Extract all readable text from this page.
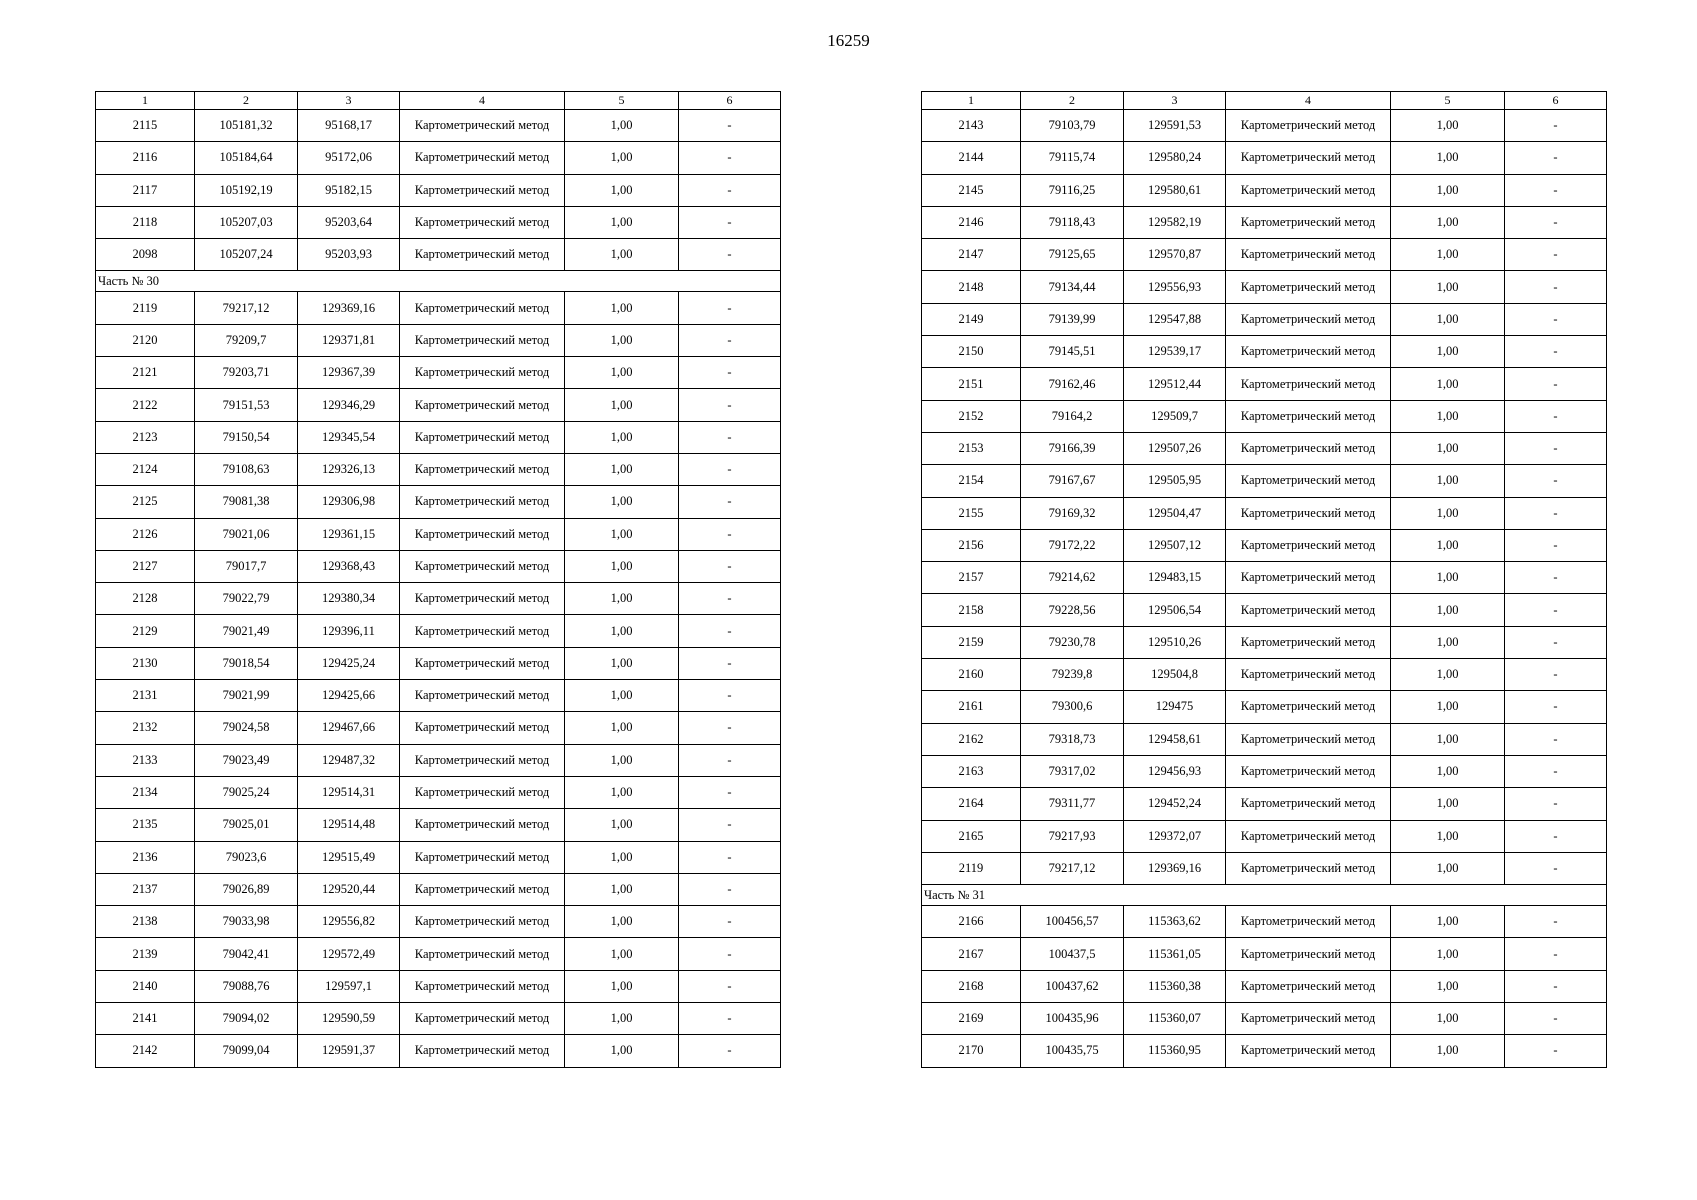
16259
1	2	3	4	5	6
2115	105181,32	95168,17	Картометрический метод	1,00	-
2116	105184,64	95172,06	Картометрический метод	1,00	-
2117	105192,19	95182,15	Картометрический метод	1,00	-
2118	105207,03	95203,64	Картометрический метод	1,00	-
2098	105207,24	95203,93	Картометрический метод	1,00	-
Часть № 30					
2119	79217,12	129369,16	Картометрический метод	1,00	-
2120	79209,7	129371,81	Картометрический метод	1,00	-
2121	79203,71	129367,39	Картометрический метод	1,00	-
2122	79151,53	129346,29	Картометрический метод	1,00	-
2123	79150,54	129345,54	Картометрический метод	1,00	-
2124	79108,63	129326,13	Картометрический метод	1,00	-
2125	79081,38	129306,98	Картометрический метод	1,00	-
2126	79021,06	129361,15	Картометрический метод	1,00	-
2127	79017,7	129368,43	Картометрический метод	1,00	-
2128	79022,79	129380,34	Картометрический метод	1,00	-
2129	79021,49	129396,11	Картометрический метод	1,00	-
2130	79018,54	129425,24	Картометрический метод	1,00	-
2131	79021,99	129425,66	Картометрический метод	1,00	-
2132	79024,58	129467,66	Картометрический метод	1,00	-
2133	79023,49	129487,32	Картометрический метод	1,00	-
2134	79025,24	129514,31	Картометрический метод	1,00	-
2135	79025,01	129514,48	Картометрический метод	1,00	-
2136	79023,6	129515,49	Картометрический метод	1,00	-
2137	79026,89	129520,44	Картометрический метод	1,00	-
2138	79033,98	129556,82	Картометрический метод	1,00	-
2139	79042,41	129572,49	Картометрический метод	1,00	-
2140	79088,76	129597,1	Картометрический метод	1,00	-
2141	79094,02	129590,59	Картометрический метод	1,00	-
2142	79099,04	129591,37	Картометрический метод	1,00	-
1	2	3	4	5	6
2143	79103,79	129591,53	Картометрический метод	1,00	-
2144	79115,74	129580,24	Картометрический метод	1,00	-
2145	79116,25	129580,61	Картометрический метод	1,00	-
2146	79118,43	129582,19	Картометрический метод	1,00	-
2147	79125,65	129570,87	Картометрический метод	1,00	-
2148	79134,44	129556,93	Картометрический метод	1,00	-
2149	79139,99	129547,88	Картометрический метод	1,00	-
2150	79145,51	129539,17	Картометрический метод	1,00	-
2151	79162,46	129512,44	Картометрический метод	1,00	-
2152	79164,2	129509,7	Картометрический метод	1,00	-
2153	79166,39	129507,26	Картометрический метод	1,00	-
2154	79167,67	129505,95	Картометрический метод	1,00	-
2155	79169,32	129504,47	Картометрический метод	1,00	-
2156	79172,22	129507,12	Картометрический метод	1,00	-
2157	79214,62	129483,15	Картометрический метод	1,00	-
2158	79228,56	129506,54	Картометрический метод	1,00	-
2159	79230,78	129510,26	Картометрический метод	1,00	-
2160	79239,8	129504,8	Картометрический метод	1,00	-
2161	79300,6	129475	Картометрический метод	1,00	-
2162	79318,73	129458,61	Картометрический метод	1,00	-
2163	79317,02	129456,93	Картометрический метод	1,00	-
2164	79311,77	129452,24	Картометрический метод	1,00	-
2165	79217,93	129372,07	Картометрический метод	1,00	-
2119	79217,12	129369,16	Картометрический метод	1,00	-
Часть № 31					
2166	100456,57	115363,62	Картометрический метод	1,00	-
2167	100437,5	115361,05	Картометрический метод	1,00	-
2168	100437,62	115360,38	Картометрический метод	1,00	-
2169	100435,96	115360,07	Картометрический метод	1,00	-
2170	100435,75	115360,95	Картометрический метод	1,00	-
